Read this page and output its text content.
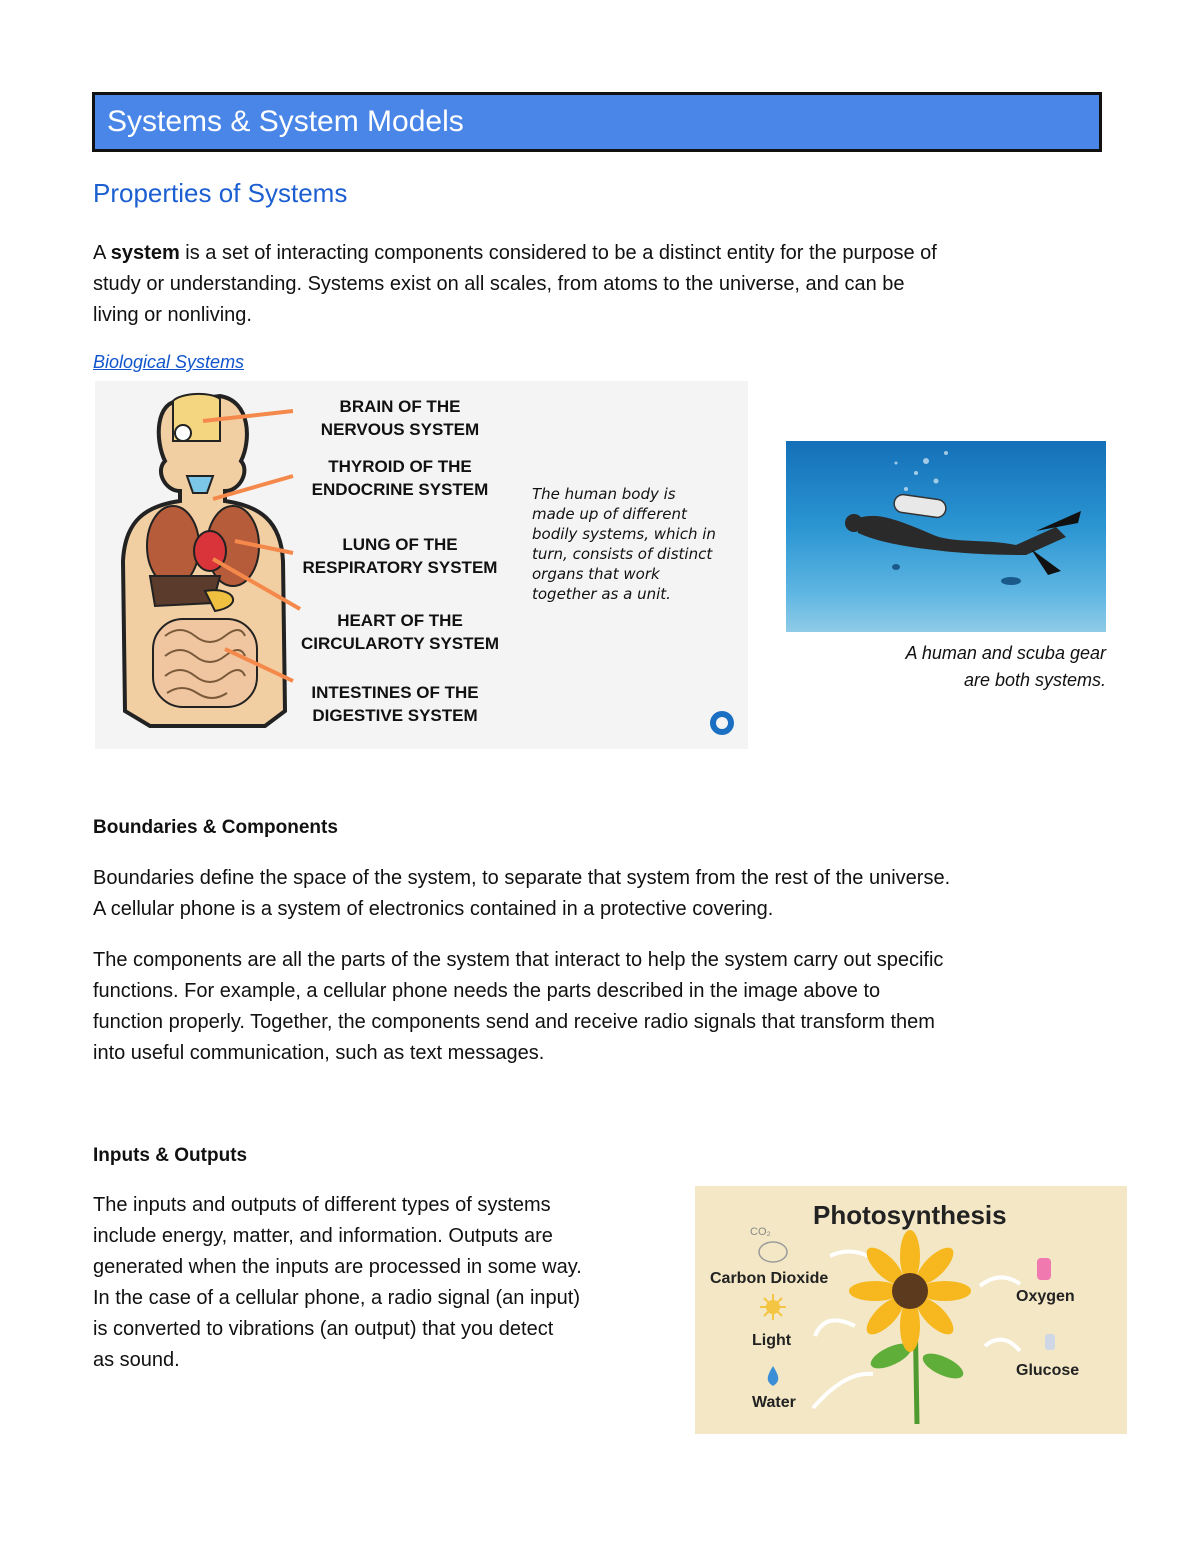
Systems & System Models
Properties of Systems
A system is a set of interacting components considered to be a distinct entity for the purpose of
study or understanding. Systems exist on all scales, from atoms to the universe, and can be
living or nonliving.
Biological Systems
BRAIN OF THE
NERVOUS SYSTEM
THYROID OF THE
ENDOCRINE SYSTEM
LUNG OF THE
RESPIRATORY SYSTEM
HEART OF THE
CIRCULAROTY SYSTEM
INTESTINES OF THE
DIGESTIVE SYSTEM
The human body is made up of different bodily systems, which in turn, consists of distinct organs that work together as a unit.
A human and scuba gear
are both systems.
Boundaries & Components
Boundaries define the space of the system, to separate that system from the rest of the universe.
A cellular phone is a system of electronics contained in a protective covering.
The components are all the parts of the system that interact to help the system carry out specific
functions. For example, a cellular phone needs the parts described in the image above to
function properly. Together, the components send and receive radio signals that transform them
into useful communication, such as text messages.
Inputs & Outputs
The inputs and outputs of different types of systems
include energy, matter, and information. Outputs are
generated when the inputs are processed in some way.
In the case of a cellular phone, a radio signal (an input)
is converted to vibrations (an output) that you detect
as sound.
CO₂
Photosynthesis
Carbon Dioxide
Light
Water
Oxygen
Glucose
